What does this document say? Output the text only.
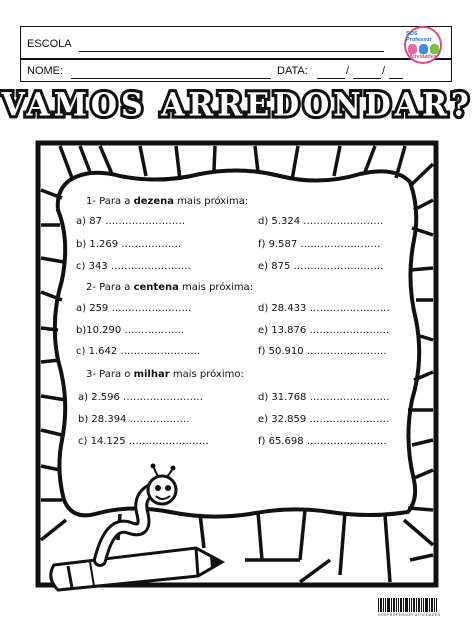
ESCOLA
NOME:	DATA:	/	/
SOS Professor
Atividades
VAMOS ARREDONDAR?
1- Para a dezena mais próxima:
a) 87 ……………………	d) 5.324 ……………………
b) 1.269 ………………	f) 9.587 ……………………
c) 343 ……………………	e) 875 ………………………
2- Para a centena mais próxima:
a) 259 ……………………	d) 28.433 ……………………
b)10.290 ………………	e) 13.876 ……………………
c) 1.642 ……………………	f) 50.910 ……………………
3- Para o milhar mais próximo:
a) 2.596 ……………………	d) 31.768 ……………………
b) 28.394 ………………	e) 32.859 ……………………
c) 14.125 ……………………	f) 65.698 ……………………
SOSPROFESSOR-ATIVIDADES
